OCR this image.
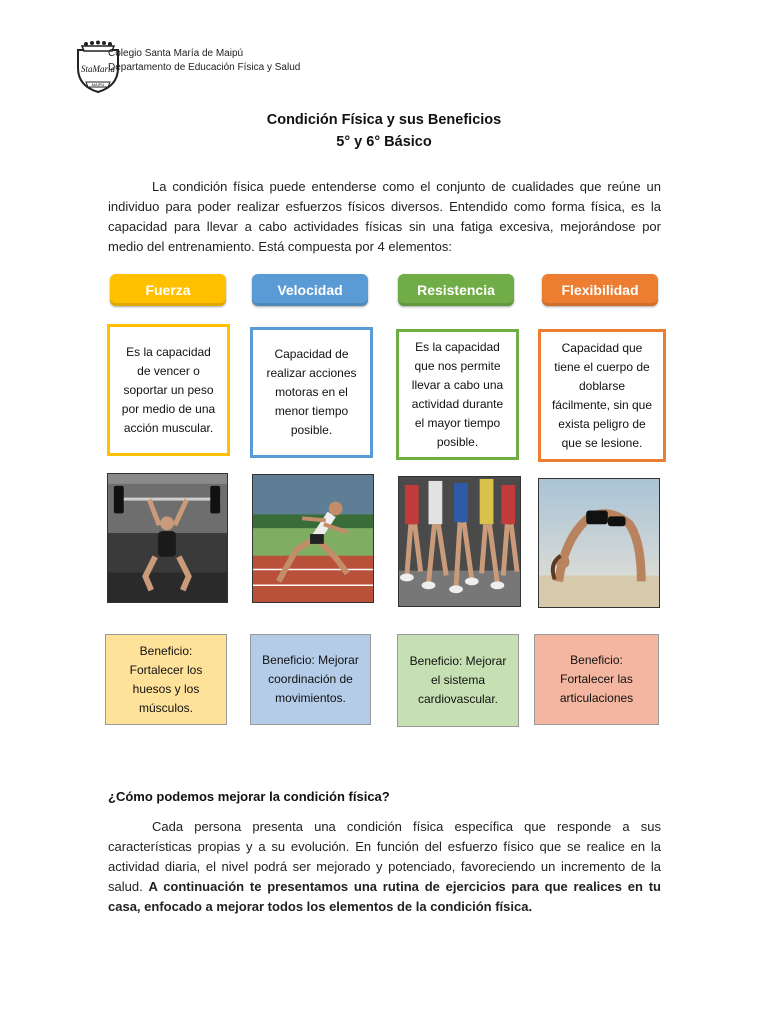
StaMaria
MAIPÚ
Colegio Santa María de Maipú
Departamento de Educación Física y Salud
Condición Física y sus Beneficios
5° y 6° Básico
La condición física puede entenderse como el conjunto de cualidades que reúne un individuo para poder realizar esfuerzos físicos diversos. Entendido como forma física, es la capacidad para llevar a cabo actividades físicas sin una fatiga excesiva, mejorándose por medio del entrenamiento. Está compuesta por 4 elementos:
Fuerza	Velocidad	Resistencia	Flexibilidad
Es la capacidad de vencer o soportar un peso por medio de una acción muscular.
Capacidad de realizar acciones motoras en el menor tiempo posible.
Es la capacidad que nos permite llevar a cabo una actividad durante el mayor tiempo posible.
Capacidad que tiene el cuerpo de doblarse fácilmente, sin que exista peligro de que se lesione.
Beneficio: Fortalecer los huesos y los músculos.
Beneficio: Mejorar coordinación de movimientos.
Beneficio: Mejorar el sistema cardiovascular.
Beneficio: Fortalecer las articulaciones
¿Cómo podemos mejorar la condición física?
Cada persona presenta una condición física específica que responde a sus características propias y a su evolución. En función del esfuerzo físico que se realice en la actividad diaria, el nivel podrá ser mejorado y potenciado, favoreciendo un incremento de la salud. A continuación te presentamos una rutina de ejercicios para que realices en tu casa, enfocado a mejorar todos los elementos de la condición física.
